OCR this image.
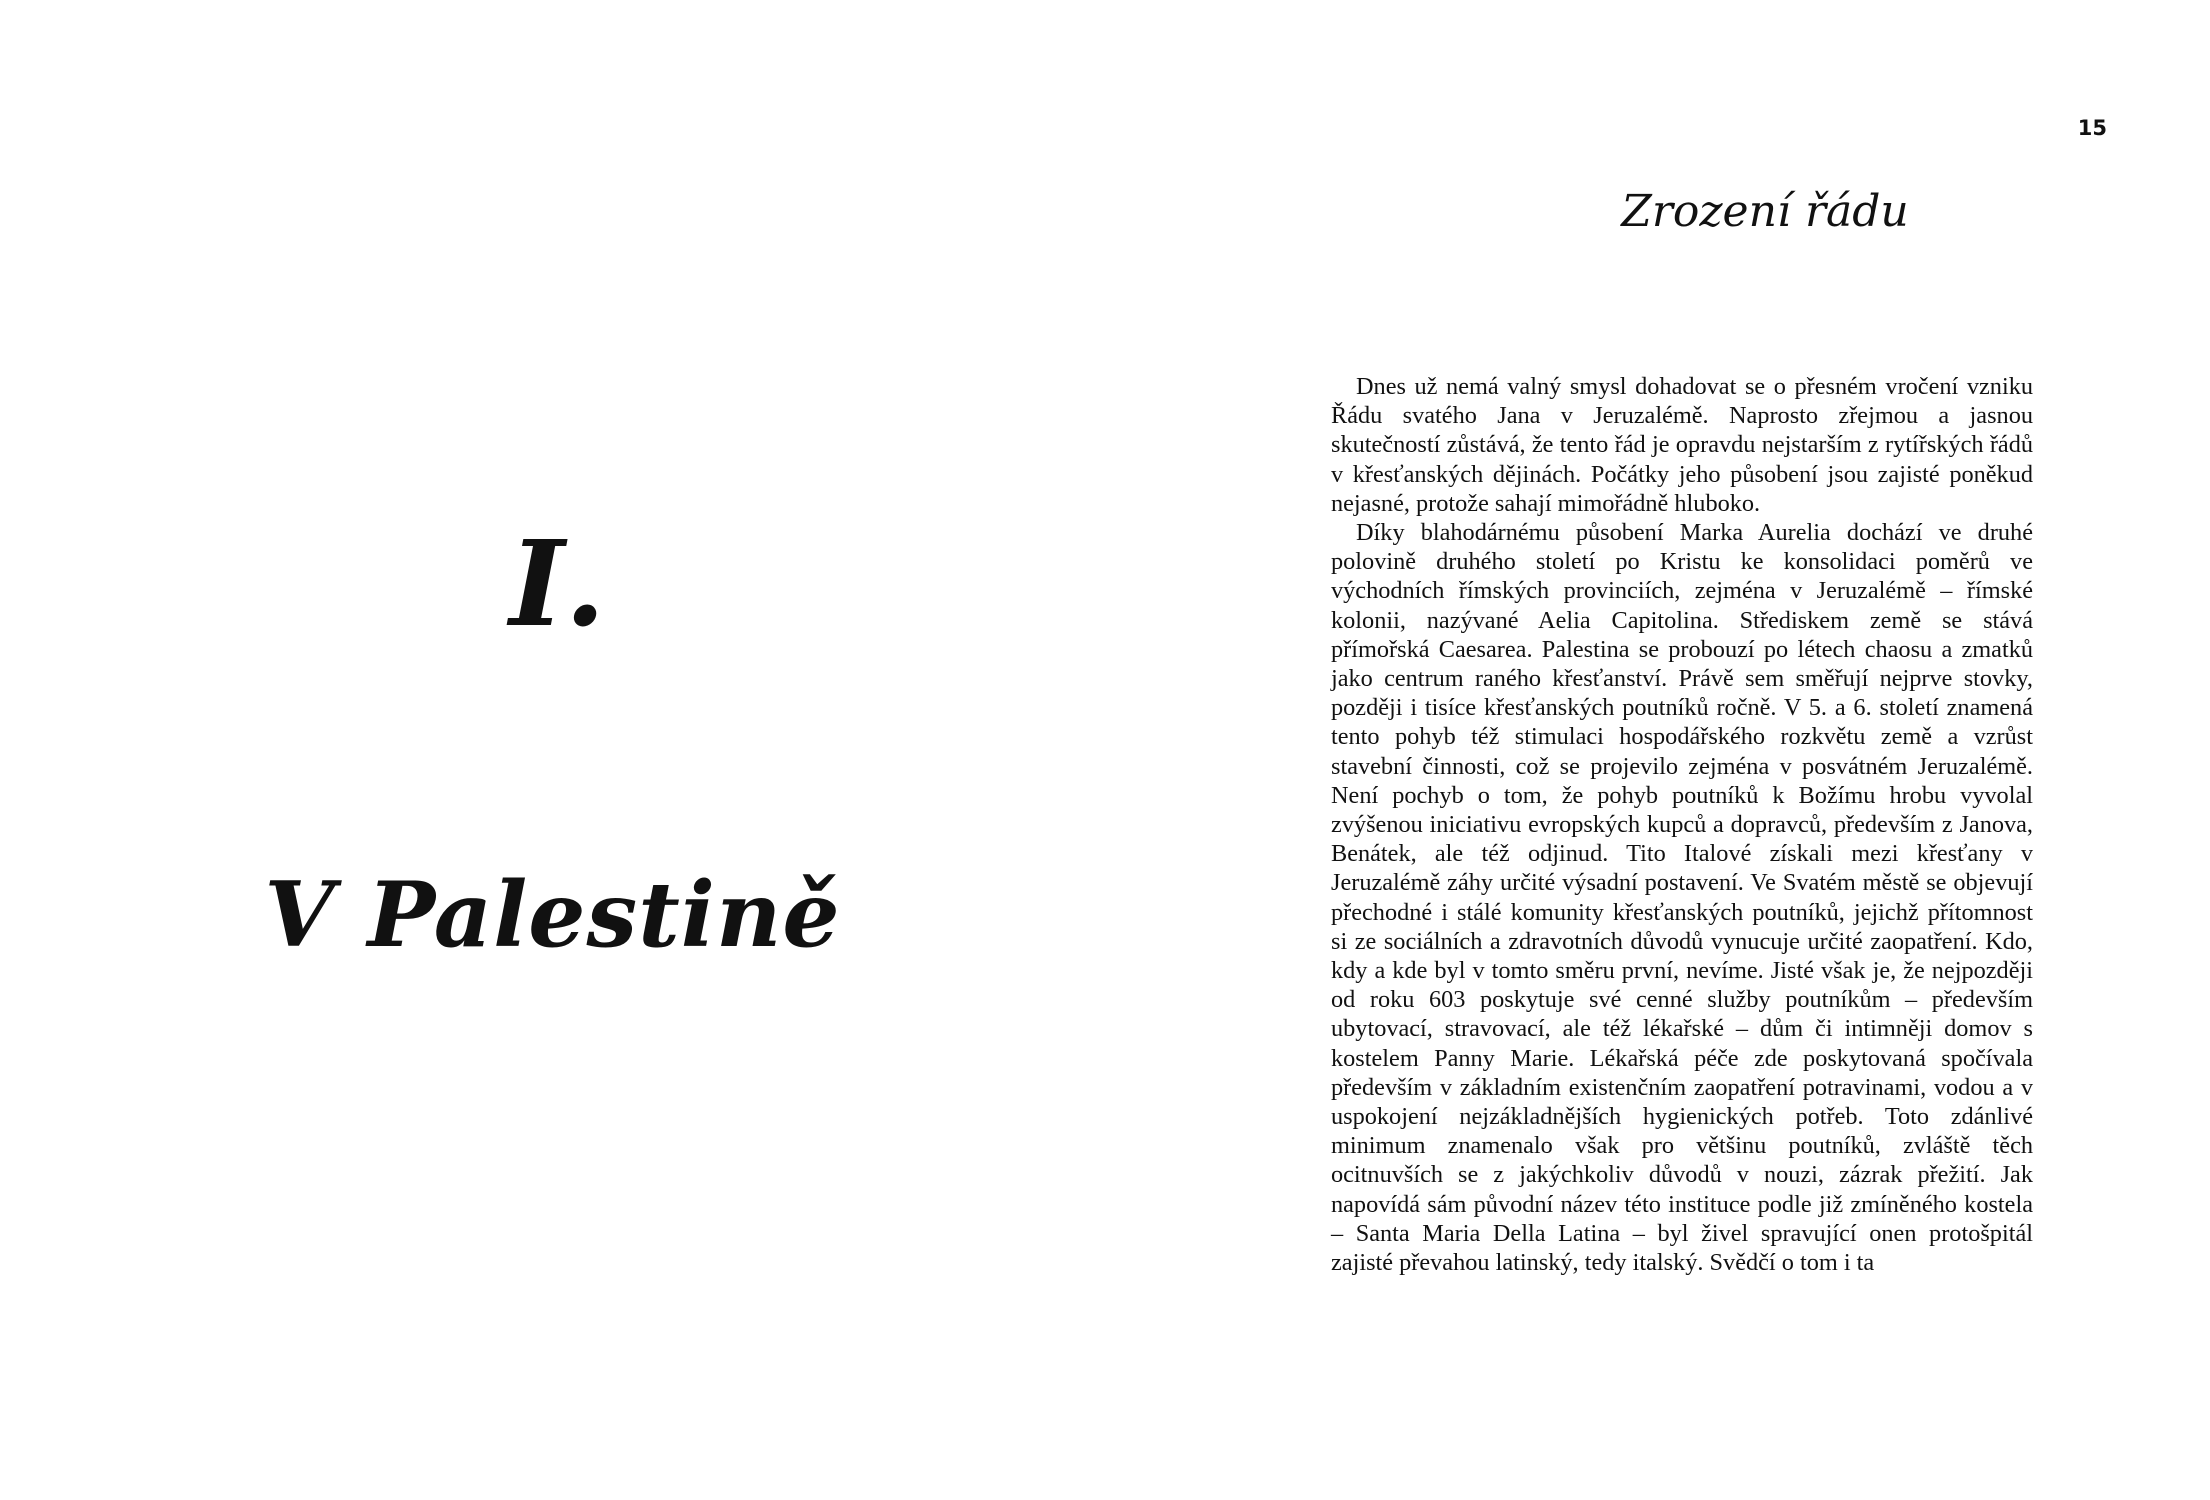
I.
V Palestině
15
Zrození řádu

Dnes už nemá valný smysl dohadovat se o přesném vročení vzniku Řádu svatého Jana v Jeruzalémě. Naprosto zřejmou a jasnou skutečností zůstává, že tento řád je opravdu nejstarším z rytířských řádů v křesťanských dějinách. Počátky jeho působení jsou zajisté poněkud nejasné, protože sahají mimořádně hluboko.

Díky blahodárnému působení Marka Aurelia dochází ve druhé polovině druhého století po Kristu ke konsolidaci poměrů ve východních římských provinciích, zejména v Jeruzalémě – římské kolonii, nazývané Aelia Capitolina. Střediskem země se stává přímořská Caesarea. Palestina se probouzí po létech chaosu a zmatků jako centrum raného křesťanství. Právě sem směřují nejprve stovky, později i tisíce křesťanských poutníků ročně. V 5. a 6. století znamená tento pohyb též stimulaci hospodářského rozkvětu země a vzrůst stavební činnosti, což se projevilo zejména v posvátném Jeruzalémě. Není pochyb o tom, že pohyb poutníků k Božímu hrobu vyvolal zvýšenou iniciativu evropských kupců a dopravců, především z Janova, Benátek, ale též odjinud. Tito Italové získali mezi křesťany v Jeruzalémě záhy určité výsadní postavení. Ve Svatém městě se objevují přechodné i stálé komunity křesťanských poutníků, jejichž přítomnost si ze sociálních a zdravotních důvodů vynucuje určité zaopatření. Kdo, kdy a kde byl v tomto směru první, nevíme. Jisté však je, že nejpozději od roku 603 poskytuje své cenné služby poutníkům – především ubytovací, stravovací, ale též lékařské – dům či intimněji domov s kostelem Panny Marie. Lékařská péče zde poskytovaná spočívala především v základním existenčním zaopatření potravinami, vodou a v uspokojení nejzákladnějších hygienických potřeb. Toto zdánlivé minimum znamenalo však pro většinu poutníků, zvláště těch ocitnuvších se z jakýchkoliv důvodů v nouzi, zázrak přežití. Jak napovídá sám původní název této instituce podle již zmíněného kostela – Santa Maria Della Latina – byl živel spravující onen protošpitál zajisté převahou latinský, tedy italský. Svědčí o tom i ta
